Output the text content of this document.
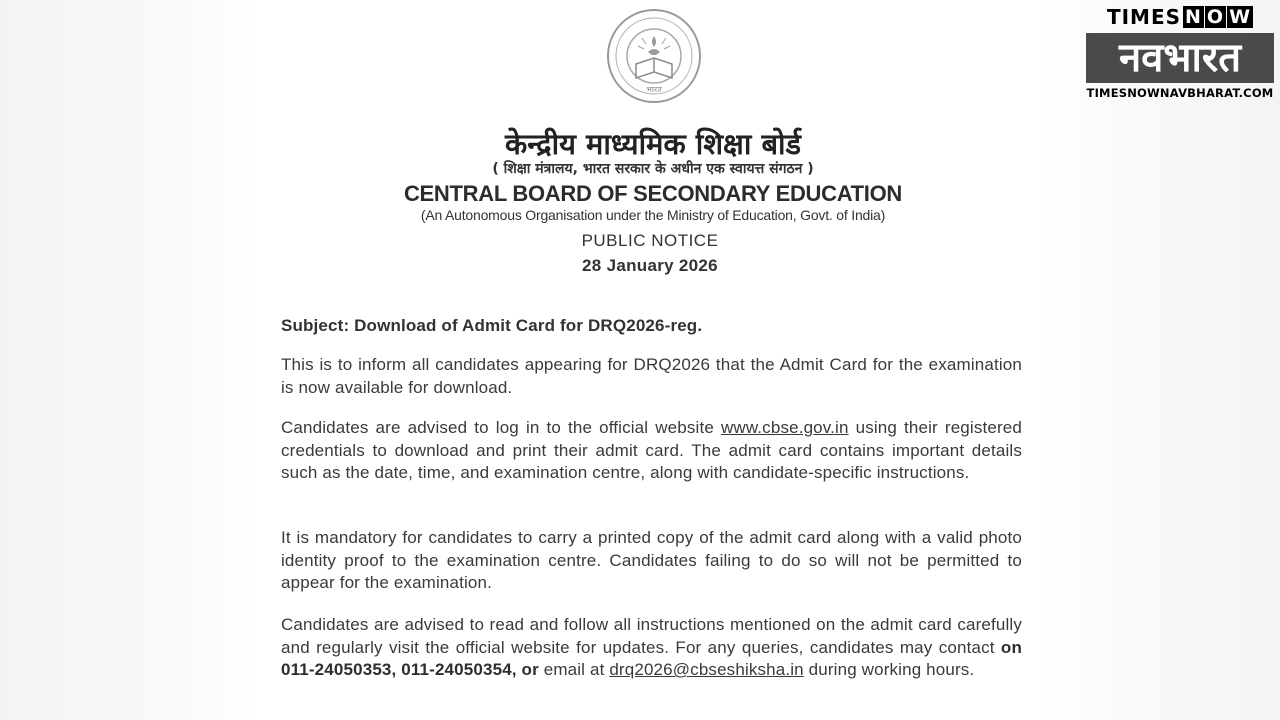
TIMES N O W
नवभारत
TIMESNOWNAVBHARAT.COM
भारत
केन्द्रीय माध्यमिक शिक्षा बोर्ड
( शिक्षा मंत्रालय, भारत सरकार के अधीन एक स्वायत्त संगठन )
CENTRAL BOARD OF SECONDARY EDUCATION
(An Autonomous Organisation under the Ministry of Education, Govt. of India)
PUBLIC NOTICE
28 January 2026
Subject: Download of Admit Card for DRQ2026-reg.
This is to inform all candidates appearing for DRQ2026 that the Admit Card for the examination is now available for download.
Candidates are advised to log in to the official website www.cbse.gov.in using their registered credentials to download and print their admit card. The admit card contains important details such as the date, time, and examination centre, along with candidate-specific instructions.
It is mandatory for candidates to carry a printed copy of the admit card along with a valid photo identity proof to the examination centre. Candidates failing to do so will not be permitted to appear for the examination.
Candidates are advised to read and follow all instructions mentioned on the admit card carefully and regularly visit the official website for updates. For any queries, candidates may contact on 011-24050353, 011-24050354, or email at drq2026@cbseshiksha.in during working hours.
